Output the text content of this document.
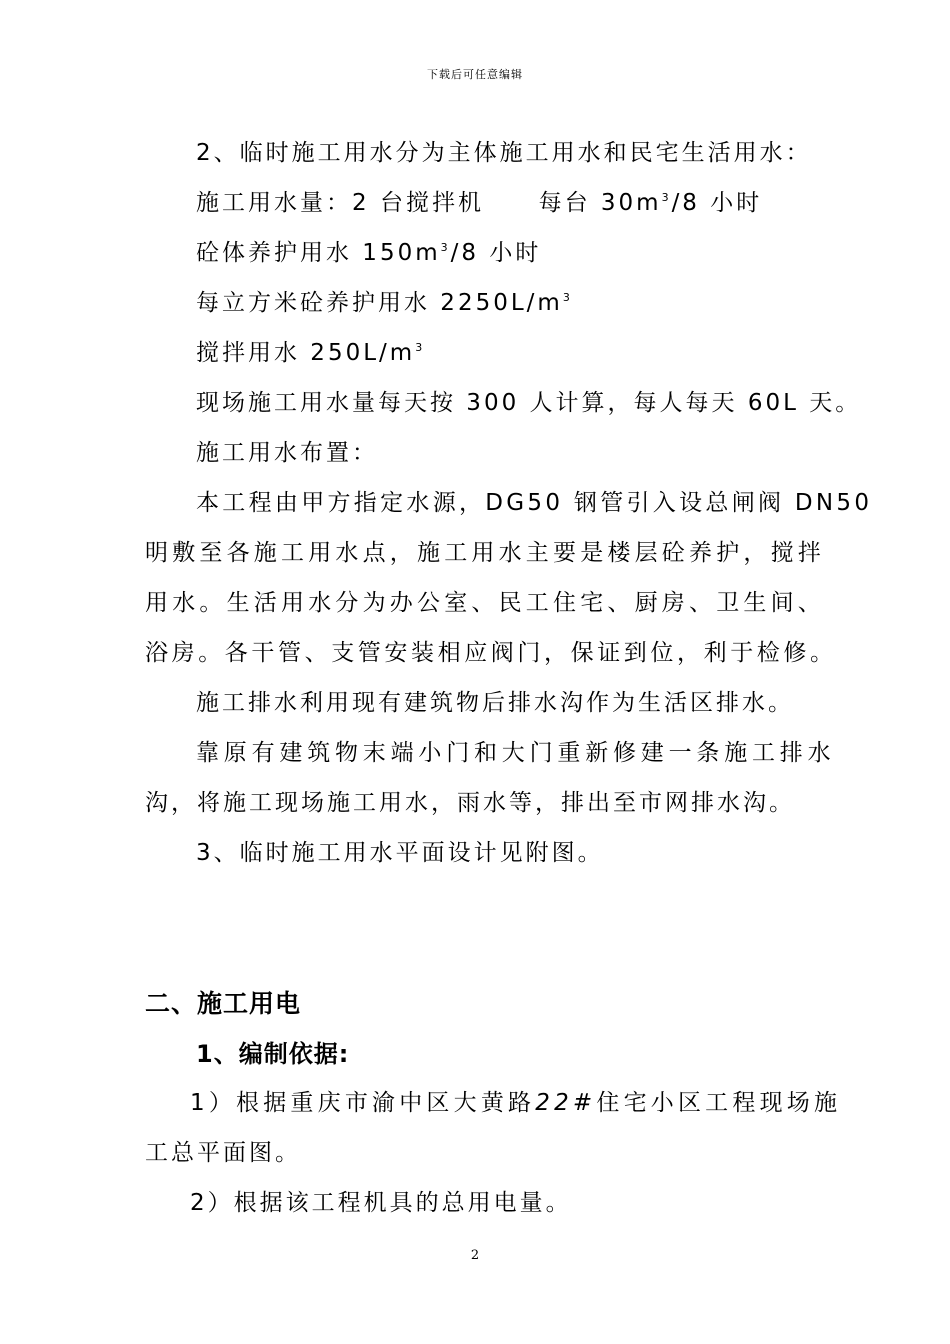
下载后可任意编辑
2、临时施工用水分为主体施工用水和民宅生活用水：
施工用水量：2 台搅拌机 每台 $30m^3/8$ 小时
砼体养护用水 $150m^3/8$ 小时
每立方米砼养护用水 $2250L/m^3$
搅拌用水 $250L/m^3$
现场施工用水量每天按 300 人计算，每人每天 60L 天。
施工用水布置：
本工程由甲方指定水源，DG50 钢管引入设总闸阀 DN50
明敷至各施工用水点，施工用水主要是楼层砼养护，搅拌
用水。生活用水分为办公室、民工住宅、厨房、卫生间、
浴房。各干管、支管安装相应阀门，保证到位，利于检修。
施工排水利用现有建筑物后排水沟作为生活区排水。
靠原有建筑物末端小门和大门重新修建一条施工排水
沟，将施工现场施工用水，雨水等，排出至市网排水沟。
3、临时施工用水平面设计见附图。
二、施工用电
1、编制依据:
1）根据重庆市渝中区大黄路22#住宅小区工程现场施
工总平面图。
2）根据该工程机具的总用电量。
2
